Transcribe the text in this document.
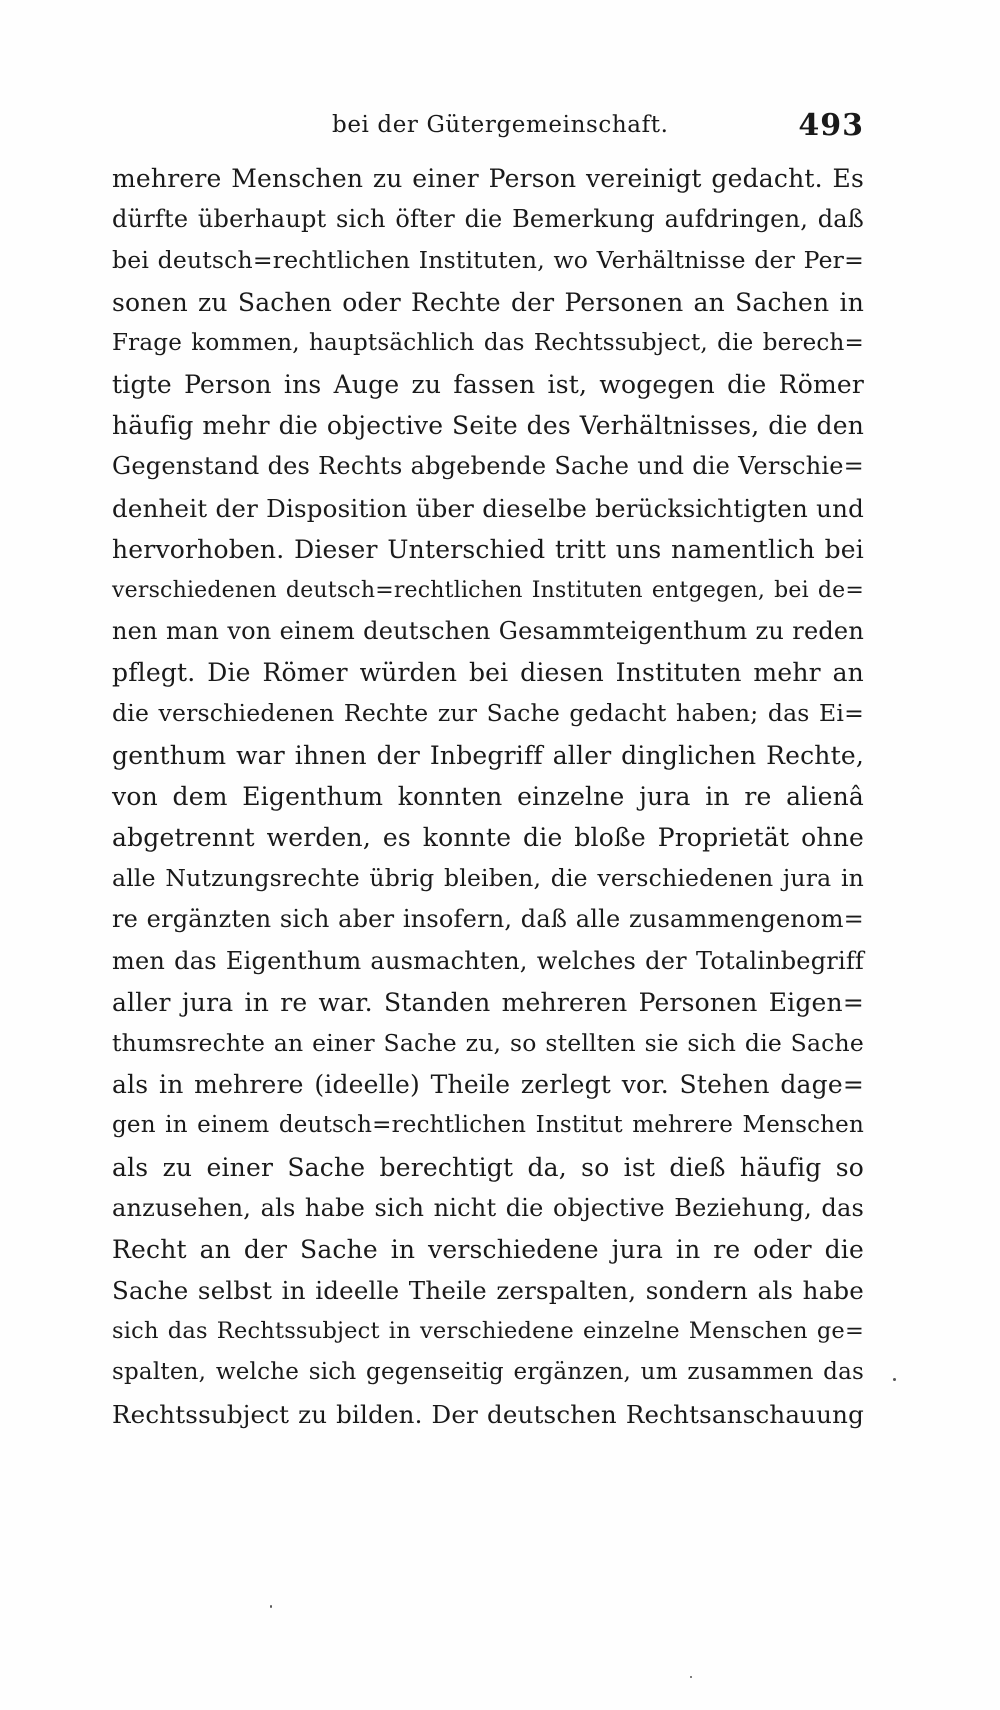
bei der Gütergemeinschaft.	493
mehrere Menschen zu einer Person vereinigt gedacht. Es
dürfte überhaupt sich öfter die Bemerkung aufdringen, daß
bei deutsch=rechtlichen Instituten, wo Verhältnisse der Per=
sonen zu Sachen oder Rechte der Personen an Sachen in
Frage kommen, hauptsächlich das Rechtssubject, die berech=
tigte Person ins Auge zu fassen ist, wogegen die Römer
häufig mehr die objective Seite des Verhältnisses, die den
Gegenstand des Rechts abgebende Sache und die Verschie=
denheit der Disposition über dieselbe berücksichtigten und
hervorhoben. Dieser Unterschied tritt uns namentlich bei
verschiedenen deutsch=rechtlichen Instituten entgegen, bei de=
nen man von einem deutschen Gesammteigenthum zu reden
pflegt. Die Römer würden bei diesen Instituten mehr an
die verschiedenen Rechte zur Sache gedacht haben; das Ei=
genthum war ihnen der Inbegriff aller dinglichen Rechte,
von dem Eigenthum konnten einzelne jura in re alienâ
abgetrennt werden, es konnte die bloße Proprietät ohne
alle Nutzungsrechte übrig bleiben, die verschiedenen jura in
re ergänzten sich aber insofern, daß alle zusammengenom=
men das Eigenthum ausmachten, welches der Totalinbegriff
aller jura in re war. Standen mehreren Personen Eigen=
thumsrechte an einer Sache zu, so stellten sie sich die Sache
als in mehrere (ideelle) Theile zerlegt vor. Stehen dage=
gen in einem deutsch=rechtlichen Institut mehrere Menschen
als zu einer Sache berechtigt da, so ist dieß häufig so
anzusehen, als habe sich nicht die objective Beziehung, das
Recht an der Sache in verschiedene jura in re oder die
Sache selbst in ideelle Theile zerspalten, sondern als habe
sich das Rechtssubject in verschiedene einzelne Menschen ge=
spalten, welche sich gegenseitig ergänzen, um zusammen das
Rechtssubject zu bilden. Der deutschen Rechtsanschauung
